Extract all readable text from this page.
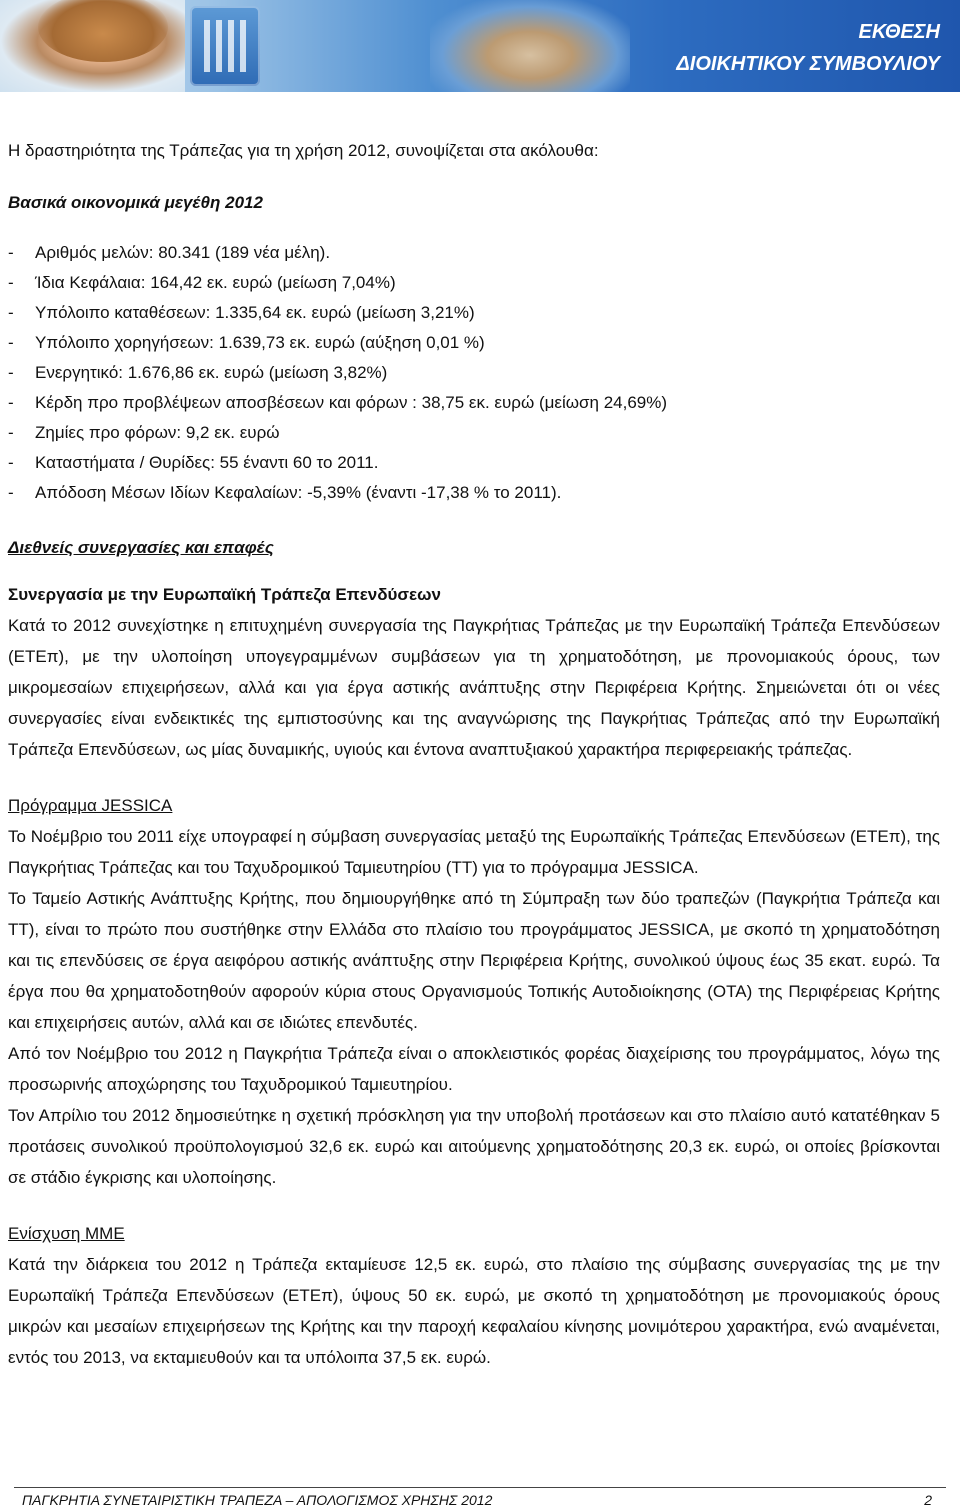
ΕΚΘΕΣΗ
ΔΙΟΙΚΗΤΙΚΟΥ ΣΥΜΒΟΥΛΙΟΥ

Η δραστηριότητα της Τράπεζας για τη χρήση 2012, συνοψίζεται στα ακόλουθα:

Βασικά οικονομικά μεγέθη 2012

- Αριθμός μελών: 80.341 (189 νέα μέλη).
- Ίδια Κεφάλαια: 164,42 εκ. ευρώ (μείωση 7,04%)
- Υπόλοιπο καταθέσεων: 1.335,64 εκ. ευρώ (μείωση 3,21%)
- Υπόλοιπο χορηγήσεων: 1.639,73 εκ. ευρώ (αύξηση 0,01 %)
- Ενεργητικό: 1.676,86 εκ. ευρώ (μείωση 3,82%)
- Κέρδη προ προβλέψεων αποσβέσεων και φόρων : 38,75 εκ. ευρώ (μείωση 24,69%)
- Ζημίες προ φόρων: 9,2 εκ. ευρώ
- Καταστήματα / Θυρίδες: 55 έναντι 60 το 2011.
- Απόδοση Μέσων Ιδίων Κεφαλαίων: -5,39% (έναντι -17,38 % το 2011).

Διεθνείς συνεργασίες και επαφές

Συνεργασία με την Ευρωπαϊκή Τράπεζα Επενδύσεων

Κατά το 2012 συνεχίστηκε η επιτυχημένη συνεργασία της Παγκρήτιας Τράπεζας με την Ευρωπαϊκή Τράπεζα Επενδύσεων (ΕΤΕπ), με την υλοποίηση υπογεγραμμένων συμβάσεων για τη χρηματοδότηση, με προνομιακούς όρους, των μικρομεσαίων επιχειρήσεων, αλλά και για έργα αστικής ανάπτυξης στην Περιφέρεια Κρήτης. Σημειώνεται ότι οι νέες συνεργασίες είναι ενδεικτικές της εμπιστοσύνης και της αναγνώρισης της Παγκρήτιας Τράπεζας από την Ευρωπαϊκή Τράπεζα Επενδύσεων, ως μίας δυναμικής, υγιούς και έντονα αναπτυξιακού χαρακτήρα περιφερειακής τράπεζας.

Πρόγραμμα JESSICA

Το Νοέμβριο του 2011 είχε υπογραφεί η σύμβαση συνεργασίας μεταξύ της Ευρωπαϊκής Τράπεζας Επενδύσεων (ΕΤΕπ), της Παγκρήτιας Τράπεζας και του Ταχυδρομικού Ταμιευτηρίου (ΤΤ) για το πρόγραμμα JESSICA.

Το Ταμείο Αστικής Ανάπτυξης Κρήτης, που δημιουργήθηκε από τη Σύμπραξη των δύο τραπεζών (Παγκρήτια Τράπεζα και ΤΤ), είναι το πρώτο που συστήθηκε στην Ελλάδα στο πλαίσιο του προγράμματος JESSICA, με σκοπό τη χρηματοδότηση και τις επενδύσεις σε έργα αειφόρου αστικής ανάπτυξης στην Περιφέρεια Κρήτης, συνολικού ύψους έως 35 εκατ. ευρώ. Τα έργα που θα χρηματοδοτηθούν αφορούν κύρια στους Οργανισμούς Τοπικής Αυτοδιοίκησης (ΟΤΑ) της Περιφέρειας Κρήτης και επιχειρήσεις αυτών, αλλά και σε ιδιώτες επενδυτές.

Από τον Νοέμβριο του 2012 η Παγκρήτια Τράπεζα είναι ο αποκλειστικός φορέας διαχείρισης του προγράμματος, λόγω της προσωρινής αποχώρησης του Ταχυδρομικού Ταμιευτηρίου.

Τον Απρίλιο του 2012 δημοσιεύτηκε η σχετική πρόσκληση για την υποβολή προτάσεων και στο πλαίσιο αυτό κατατέθηκαν 5 προτάσεις συνολικού προϋπολογισμού 32,6 εκ. ευρώ και αιτούμενης χρηματοδότησης 20,3 εκ. ευρώ, οι οποίες βρίσκονται σε στάδιο έγκρισης και υλοποίησης.

Ενίσχυση ΜΜΕ

Κατά την διάρκεια του 2012 η Τράπεζα εκταμίευσε 12,5 εκ. ευρώ, στο πλαίσιο της σύμβασης συνεργασίας της με την Ευρωπαϊκή Τράπεζα Επενδύσεων (ΕΤΕπ), ύψους 50 εκ. ευρώ, με σκοπό τη χρηματοδότηση με προνομιακούς όρους μικρών και μεσαίων επιχειρήσεων της Κρήτης και την παροχή κεφαλαίου κίνησης μονιμότερου χαρακτήρα, ενώ αναμένεται, εντός του 2013, να εκταμιευθούν και τα υπόλοιπα 37,5 εκ. ευρώ.

ΠΑΓΚΡΗΤΙΑ ΣΥΝΕΤΑΙΡΙΣΤΙΚΗ ΤΡΑΠΕΖΑ – ΑΠΟΛΟΓΙΣΜΟΣ ΧΡΗΣΗΣ 2012	2
